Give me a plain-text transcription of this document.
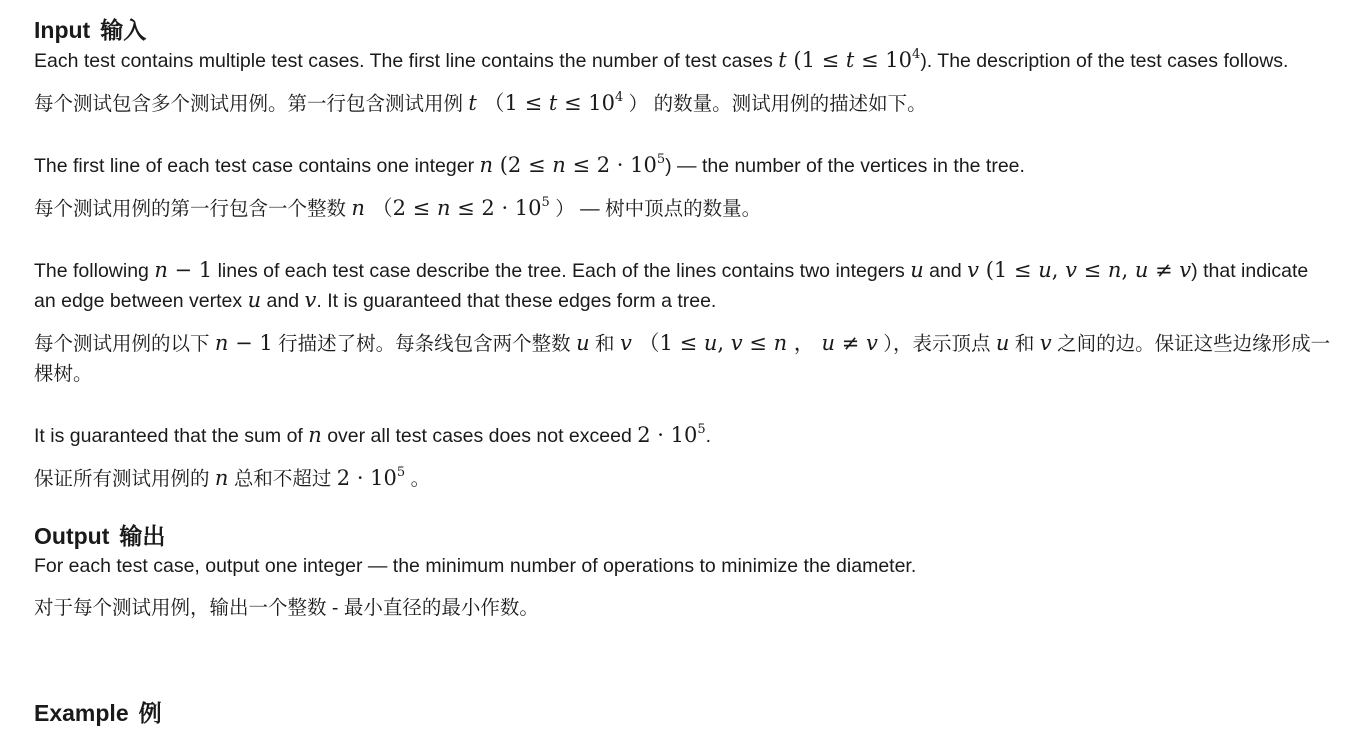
Input 输入

Each test contains multiple test cases. The first line contains the number of test cases t $(1 \le t \le 10^4)$. The description of the test cases follows.

每个测试包含多个测试用例。第一行包含测试用例 t （$1 \le t \le 10^4$ ） 的数量。测试用例的描述如下。

The first line of each test case contains one integer n $(2 \le n \le 2 \cdot 10^5)$ — the number of the vertices in the tree.

每个测试用例的第一行包含一个整数 n （$2 \le n \le 2 \cdot 10^5$ ） — 树中顶点的数量。

The following n − 1 lines of each test case describe the tree. Each of the lines contains two integers u and v (1 ≤ u, v ≤ n, u ≠ v) that indicate an edge between vertex u and v. It is guaranteed that these edges form a tree.

每个测试用例的以下 n − 1 行描述了树。每条线包含两个整数 u 和 v （1 ≤ u, v ≤ n ， u ≠ v ），表示顶点 u 和 v 之间的边。保证这些边缘形成一棵树。

It is guaranteed that the sum of n over all test cases does not exceed $2 \cdot 10^5$.

保证所有测试用例的 n 总和不超过 $2 \cdot 10^5$ 。

Output 输出

For each test case, output one integer — the minimum number of operations to minimize the diameter.

对于每个测试用例，输出一个整数 - 最小直径的最小作数。

Example 例
